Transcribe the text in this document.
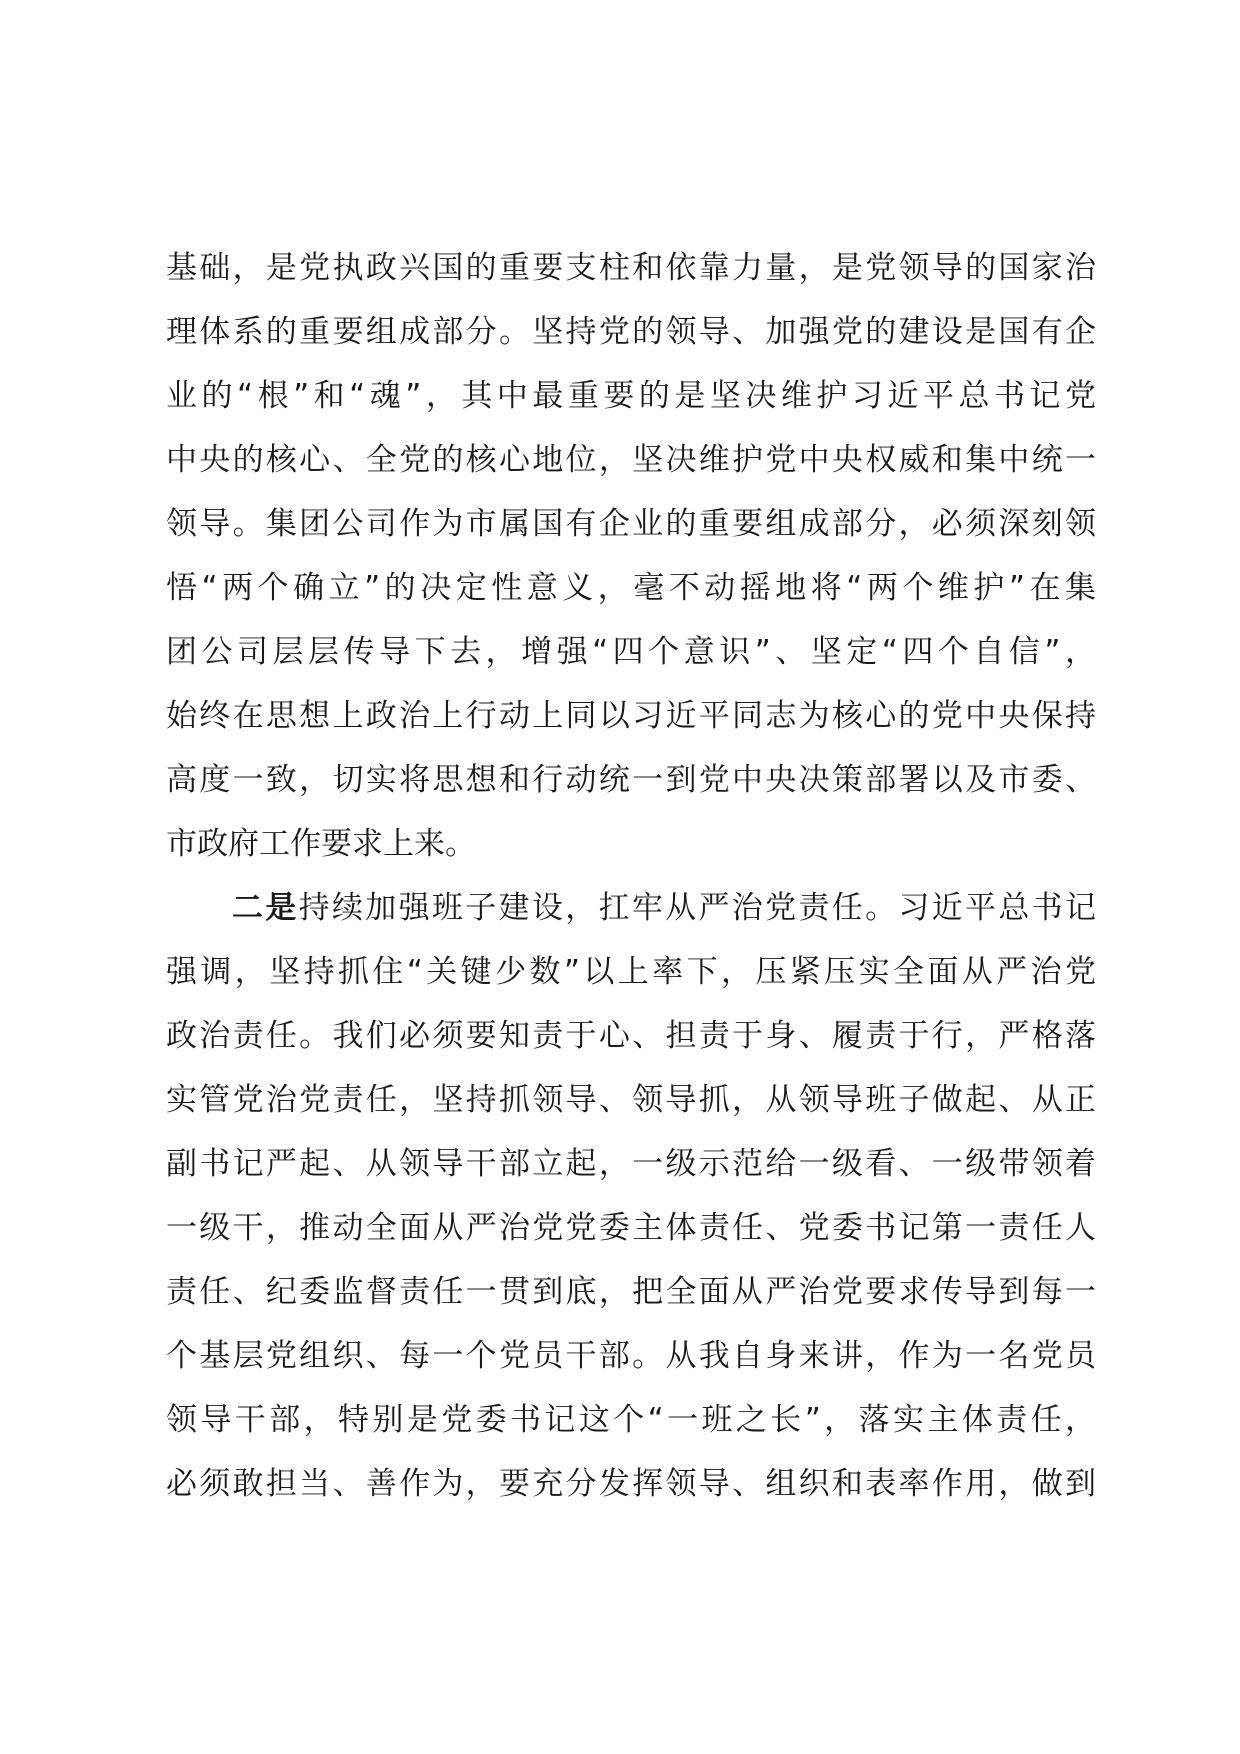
基础，是党执政兴国的重要支柱和依靠力量，是党领导的国家治
理体系的重要组成部分。坚持党的领导、加强党的建设是国有企
业的“根”和“魂”，其中最重要的是坚决维护习近平总书记党
中央的核心、全党的核心地位，坚决维护党中央权威和集中统一
领导。集团公司作为市属国有企业的重要组成部分，必须深刻领
悟“两个确立”的决定性意义，毫不动摇地将“两个维护”在集
团公司层层传导下去，增强“四个意识”、坚定“四个自信”，
始终在思想上政治上行动上同以习近平同志为核心的党中央保持
高度一致，切实将思想和行动统一到党中央决策部署以及市委、
市政府工作要求上来。
二是持续加强班子建设，扛牢从严治党责任。习近平总书记
强调，坚持抓住“关键少数”以上率下，压紧压实全面从严治党
政治责任。我们必须要知责于心、担责于身、履责于行，严格落
实管党治党责任，坚持抓领导、领导抓，从领导班子做起、从正
副书记严起、从领导干部立起，一级示范给一级看、一级带领着
一级干，推动全面从严治党党委主体责任、党委书记第一责任人
责任、纪委监督责任一贯到底，把全面从严治党要求传导到每一
个基层党组织、每一个党员干部。从我自身来讲，作为一名党员
领导干部，特别是党委书记这个“一班之长”，落实主体责任，
必须敢担当、善作为，要充分发挥领导、组织和表率作用，做到
